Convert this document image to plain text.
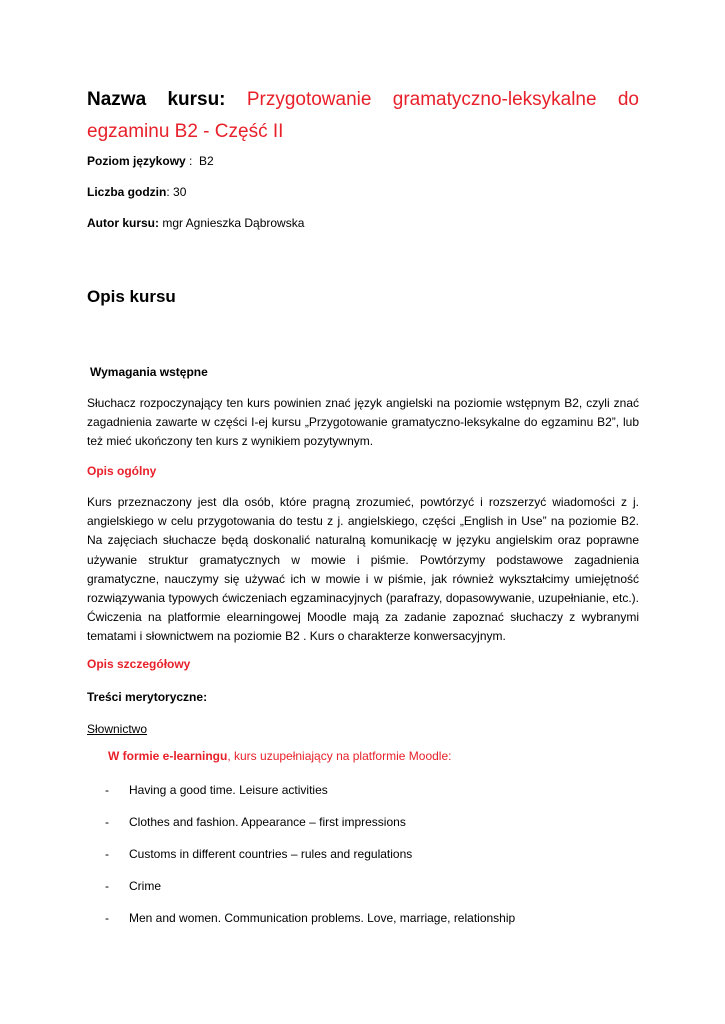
Nazwa kursu: Przygotowanie gramatyczno-leksykalne do egzaminu B2 - Część II
Poziom językowy :  B2
Liczba godzin: 30
Autor kursu: mgr Agnieszka Dąbrowska
Opis kursu
Wymagania wstępne
Słuchacz rozpoczynający ten kurs powinien znać język angielski na poziomie wstępnym B2, czyli znać zagadnienia zawarte w części I-ej kursu „Przygotowanie gramatyczno-leksykalne do egzaminu B2”, lub też mieć ukończony ten kurs z wynikiem pozytywnym.
Opis ogólny
Kurs przeznaczony jest dla osób, które pragną zrozumieć, powtórzyć i rozszerzyć wiadomości z j. angielskiego w celu przygotowania do testu z j. angielskiego, części „English in Use” na poziomie B2. Na zajęciach słuchacze będą doskonalić naturalną komunikację w języku angielskim oraz poprawne używanie struktur gramatycznych w mowie i piśmie. Powtórzymy podstawowe zagadnienia gramatyczne, nauczymy się używać ich w mowie i w piśmie, jak również wykształcimy umiejętność rozwiązywania typowych ćwiczeniach egzaminacyjnych (parafrazy, dopasowywanie, uzupełnianie, etc.). Ćwiczenia na platformie elearningowej Moodle mają za zadanie zapoznać słuchaczy z wybranymi tematami i słownictwem na poziomie B2 . Kurs o charakterze konwersacyjnym.
Opis szczegółowy
Treści merytoryczne:
Słownictwo
W formie e-learningu, kurs uzupełniający na platformie Moodle:
- Having a good time. Leisure activities
- Clothes and fashion. Appearance – first impressions
- Customs in different countries – rules and regulations
- Crime
- Men and women. Communication problems. Love, marriage, relationship
